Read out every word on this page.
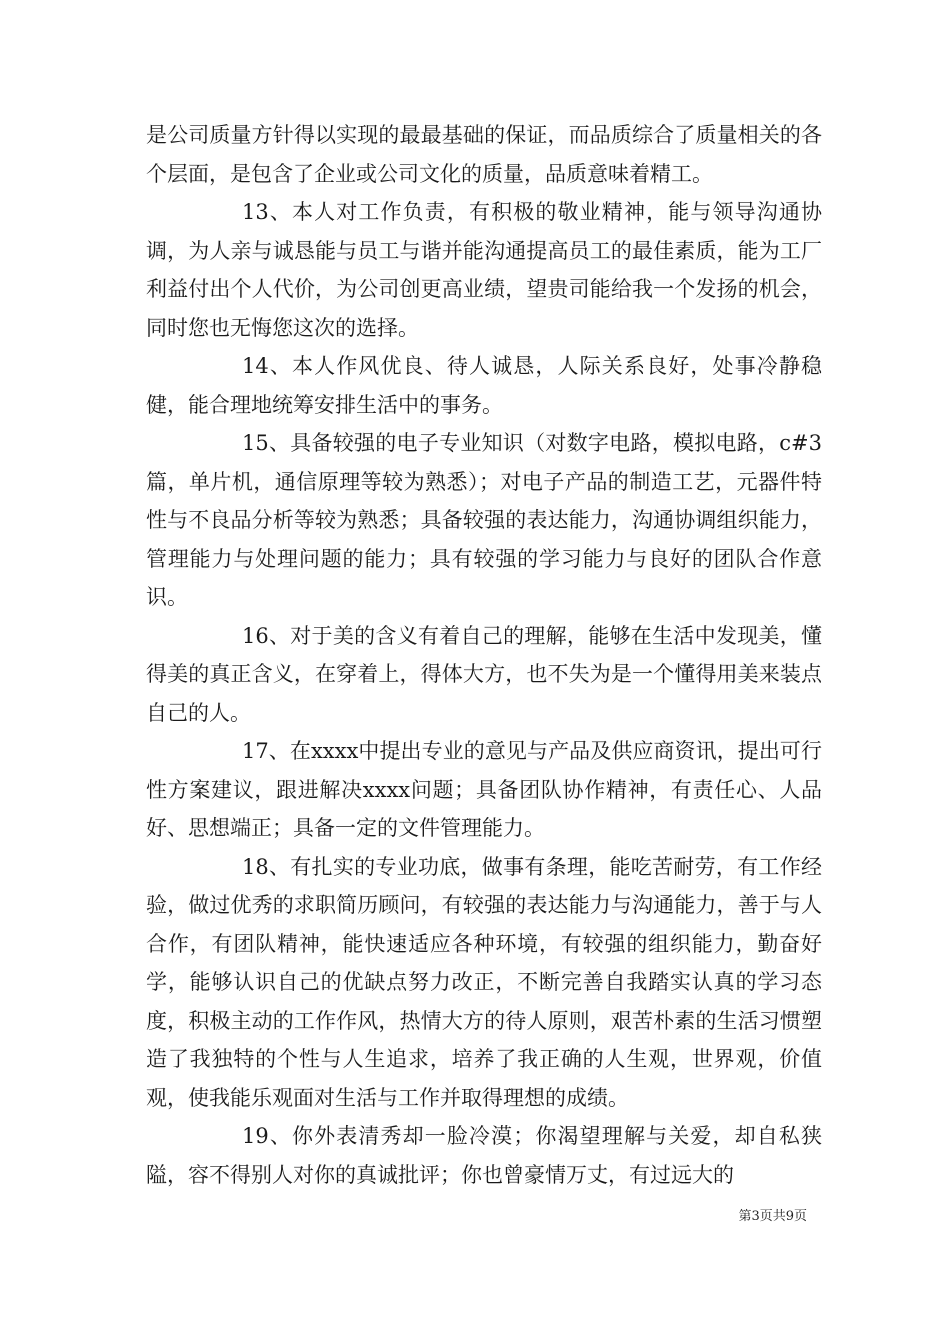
是公司质量方针得以实现的最最基础的保证，而品质综合了质量相关的各个层面，是包含了企业或公司文化的质量，品质意味着精工。

13、本人对工作负责，有积极的敬业精神，能与领导沟通协调，为人亲与诚恳能与员工与谐并能沟通提高员工的最佳素质，能为工厂利益付出个人代价，为公司创更高业绩，望贵司能给我一个发扬的机会，同时您也无悔您这次的选择。

14、本人作风优良、待人诚恳，人际关系良好，处事冷静稳健，能合理地统筹安排生活中的事务。

15、具备较强的电子专业知识（对数字电路，模拟电路，c#3篇，单片机，通信原理等较为熟悉）；对电子产品的制造工艺，元器件特性与不良品分析等较为熟悉；具备较强的表达能力，沟通协调组织能力，管理能力与处理问题的能力；具有较强的学习能力与良好的团队合作意识。

16、对于美的含义有着自己的理解，能够在生活中发现美，懂得美的真正含义，在穿着上，得体大方，也不失为是一个懂得用美来装点自己的人。

17、在xxxx中提出专业的意见与产品及供应商资讯，提出可行性方案建议，跟进解决xxxx问题；具备团队协作精神，有责任心、人品好、思想端正；具备一定的文件管理能力。

18、有扎实的专业功底，做事有条理，能吃苦耐劳，有工作经验，做过优秀的求职简历顾问，有较强的表达能力与沟通能力，善于与人合作，有团队精神，能快速适应各种环境，有较强的组织能力，勤奋好学，能够认识自己的优缺点努力改正，不断完善自我踏实认真的学习态度，积极主动的工作作风，热情大方的待人原则，艰苦朴素的生活习惯塑造了我独特的个性与人生追求，培养了我正确的人生观，世界观，价值观，使我能乐观面对生活与工作并取得理想的成绩。

19、你外表清秀却一脸冷漠；你渴望理解与关爱，却自私狭隘，容不得别人对你的真诚批评；你也曾豪情万丈，有过远大的

第3页共9页
